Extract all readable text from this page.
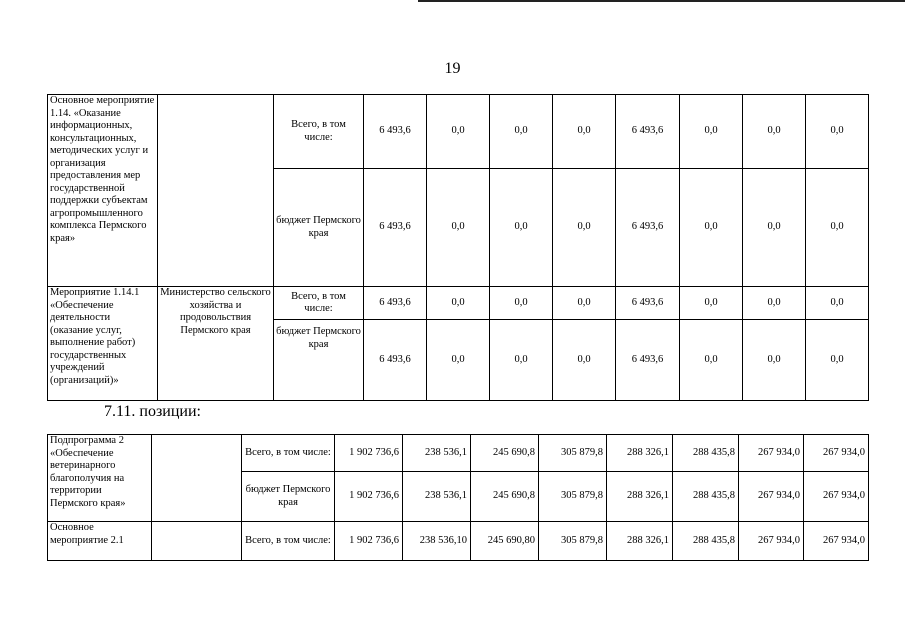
19
Основное мероприятие 1.14. «Оказание информационных, консультационных, методических услуг и организация предоставления мер государственной поддержки субъектам агропромышленного комплекса Пермского края»		Всего, в том числе:	6 493,6	0,0	0,0	0,0	6 493,6	0,0	0,0	0,0
		бюджет Пермского края	6 493,6	0,0	0,0	0,0	6 493,6	0,0	0,0	0,0
Мероприятие 1.14.1 «Обеспечение деятельности (оказание услуг, выполнение работ) государственных учреждений (организаций)»	Министерство сельского хозяйства и продовольствия Пермского края	Всего, в том числе:	6 493,6	0,0	0,0	0,0	6 493,6	0,0	0,0	0,0
		бюджет Пермского края	6 493,6	0,0	0,0	0,0	6 493,6	0,0	0,0	0,0
7.11. позиции:
Подпрограмма 2 «Обеспечение ветеринарного благополучия на территории Пермского края»		Всего, в том числе:	1 902 736,6	238 536,1	245 690,8	305 879,8	288 326,1	288 435,8	267 934,0	267 934,0
		бюджет Пермского края	1 902 736,6	238 536,1	245 690,8	305 879,8	288 326,1	288 435,8	267 934,0	267 934,0
Основное мероприятие 2.1		Всего, в том числе:	1 902 736,6	238 536,10	245 690,80	305 879,8	288 326,1	288 435,8	267 934,0	267 934,0
